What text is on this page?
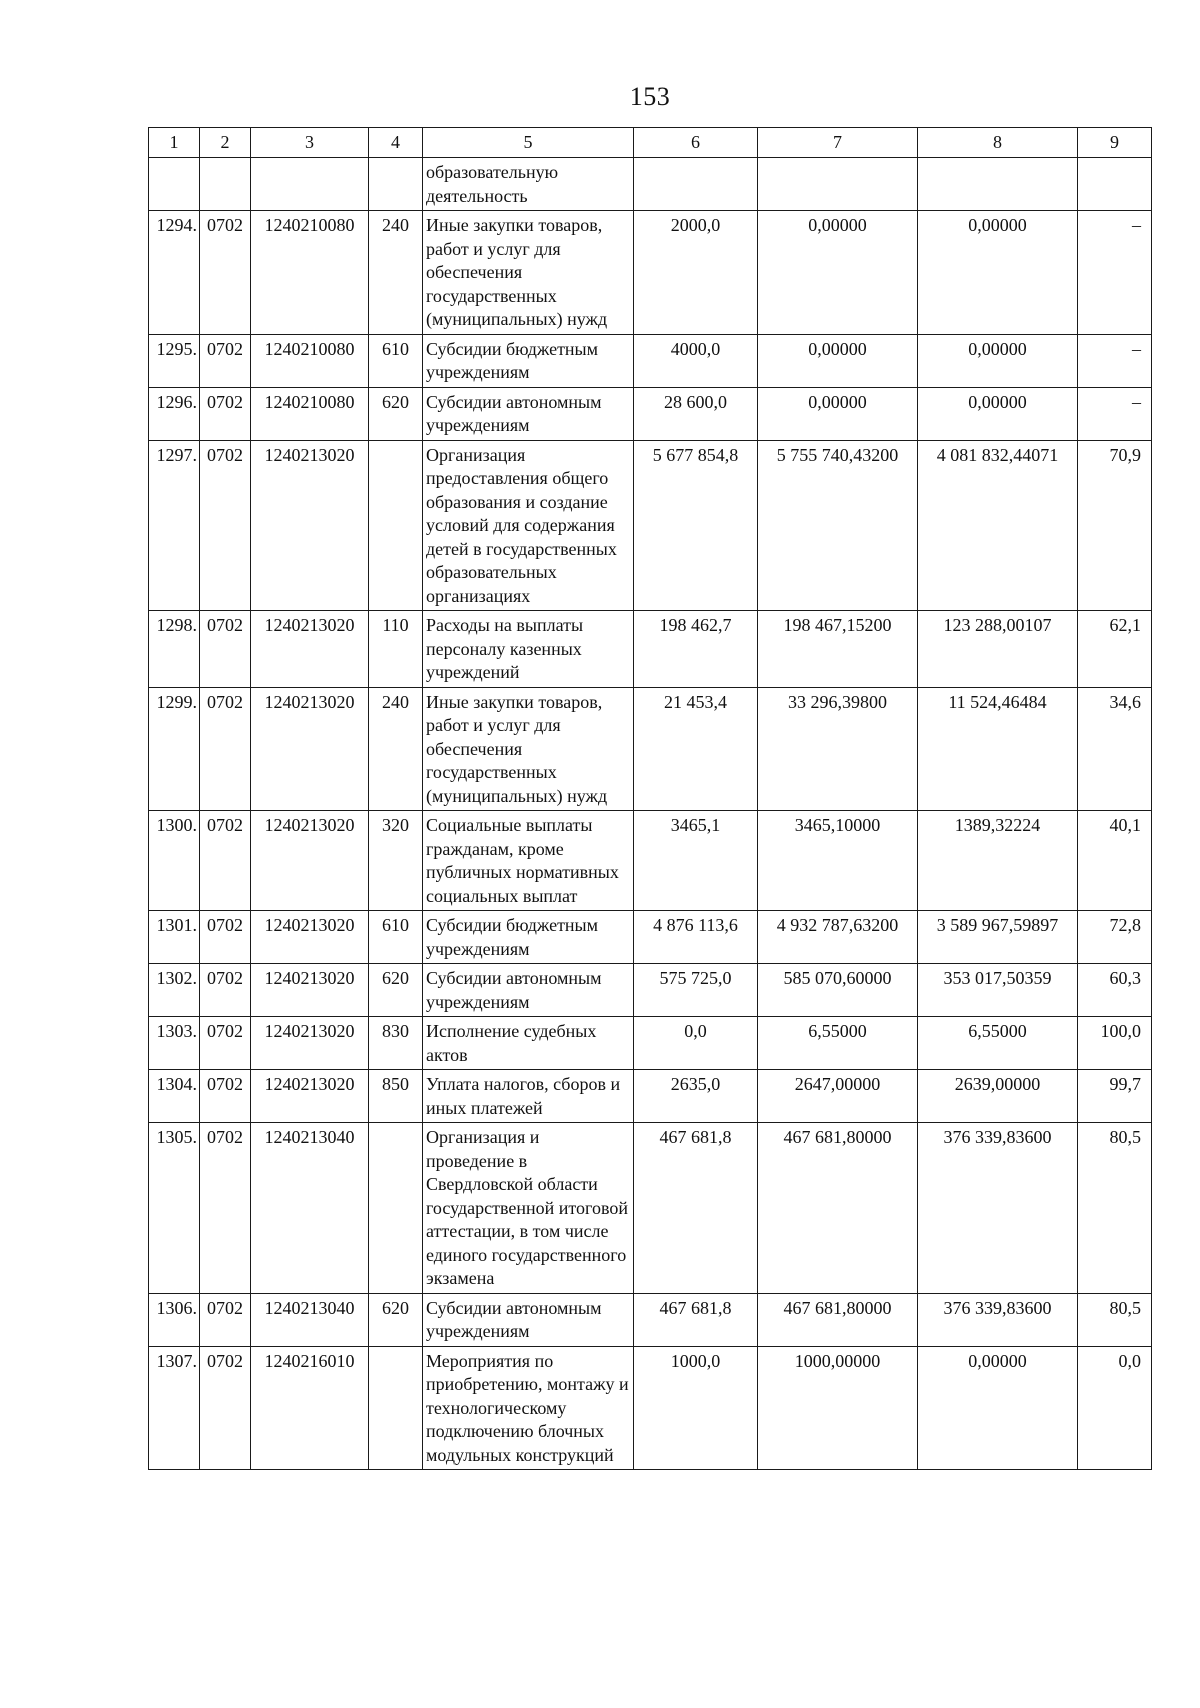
153
1	2	3	4	5	6	7	8	9
				образовательную деятельность				
1294.	0702	1240210080	240	Иные закупки товаров, работ и услуг для обеспечения государственных (муниципальных) нужд	2000,0	0,00000	0,00000	–
1295.	0702	1240210080	610	Субсидии бюджетным учреждениям	4000,0	0,00000	0,00000	–
1296.	0702	1240210080	620	Субсидии автономным учреждениям	28 600,0	0,00000	0,00000	–
1297.	0702	1240213020		Организация предоставления общего образования и создание условий для содержания детей в государственных образовательных организациях	5 677 854,8	5 755 740,43200	4 081 832,44071	70,9
1298.	0702	1240213020	110	Расходы на выплаты персоналу казенных учреждений	198 462,7	198 467,15200	123 288,00107	62,1
1299.	0702	1240213020	240	Иные закупки товаров, работ и услуг для обеспечения государственных (муниципальных) нужд	21 453,4	33 296,39800	11 524,46484	34,6
1300.	0702	1240213020	320	Социальные выплаты гражданам, кроме публичных нормативных социальных выплат	3465,1	3465,10000	1389,32224	40,1
1301.	0702	1240213020	610	Субсидии бюджетным учреждениям	4 876 113,6	4 932 787,63200	3 589 967,59897	72,8
1302.	0702	1240213020	620	Субсидии автономным учреждениям	575 725,0	585 070,60000	353 017,50359	60,3
1303.	0702	1240213020	830	Исполнение судебных актов	0,0	6,55000	6,55000	100,0
1304.	0702	1240213020	850	Уплата налогов, сборов и иных платежей	2635,0	2647,00000	2639,00000	99,7
1305.	0702	1240213040		Организация и проведение в Свердловской области государственной итоговой аттестации, в том числе единого государственного экзамена	467 681,8	467 681,80000	376 339,83600	80,5
1306.	0702	1240213040	620	Субсидии автономным учреждениям	467 681,8	467 681,80000	376 339,83600	80,5
1307.	0702	1240216010		Мероприятия по приобретению, монтажу и технологическому подключению блочных модульных конструкций	1000,0	1000,00000	0,00000	0,0
